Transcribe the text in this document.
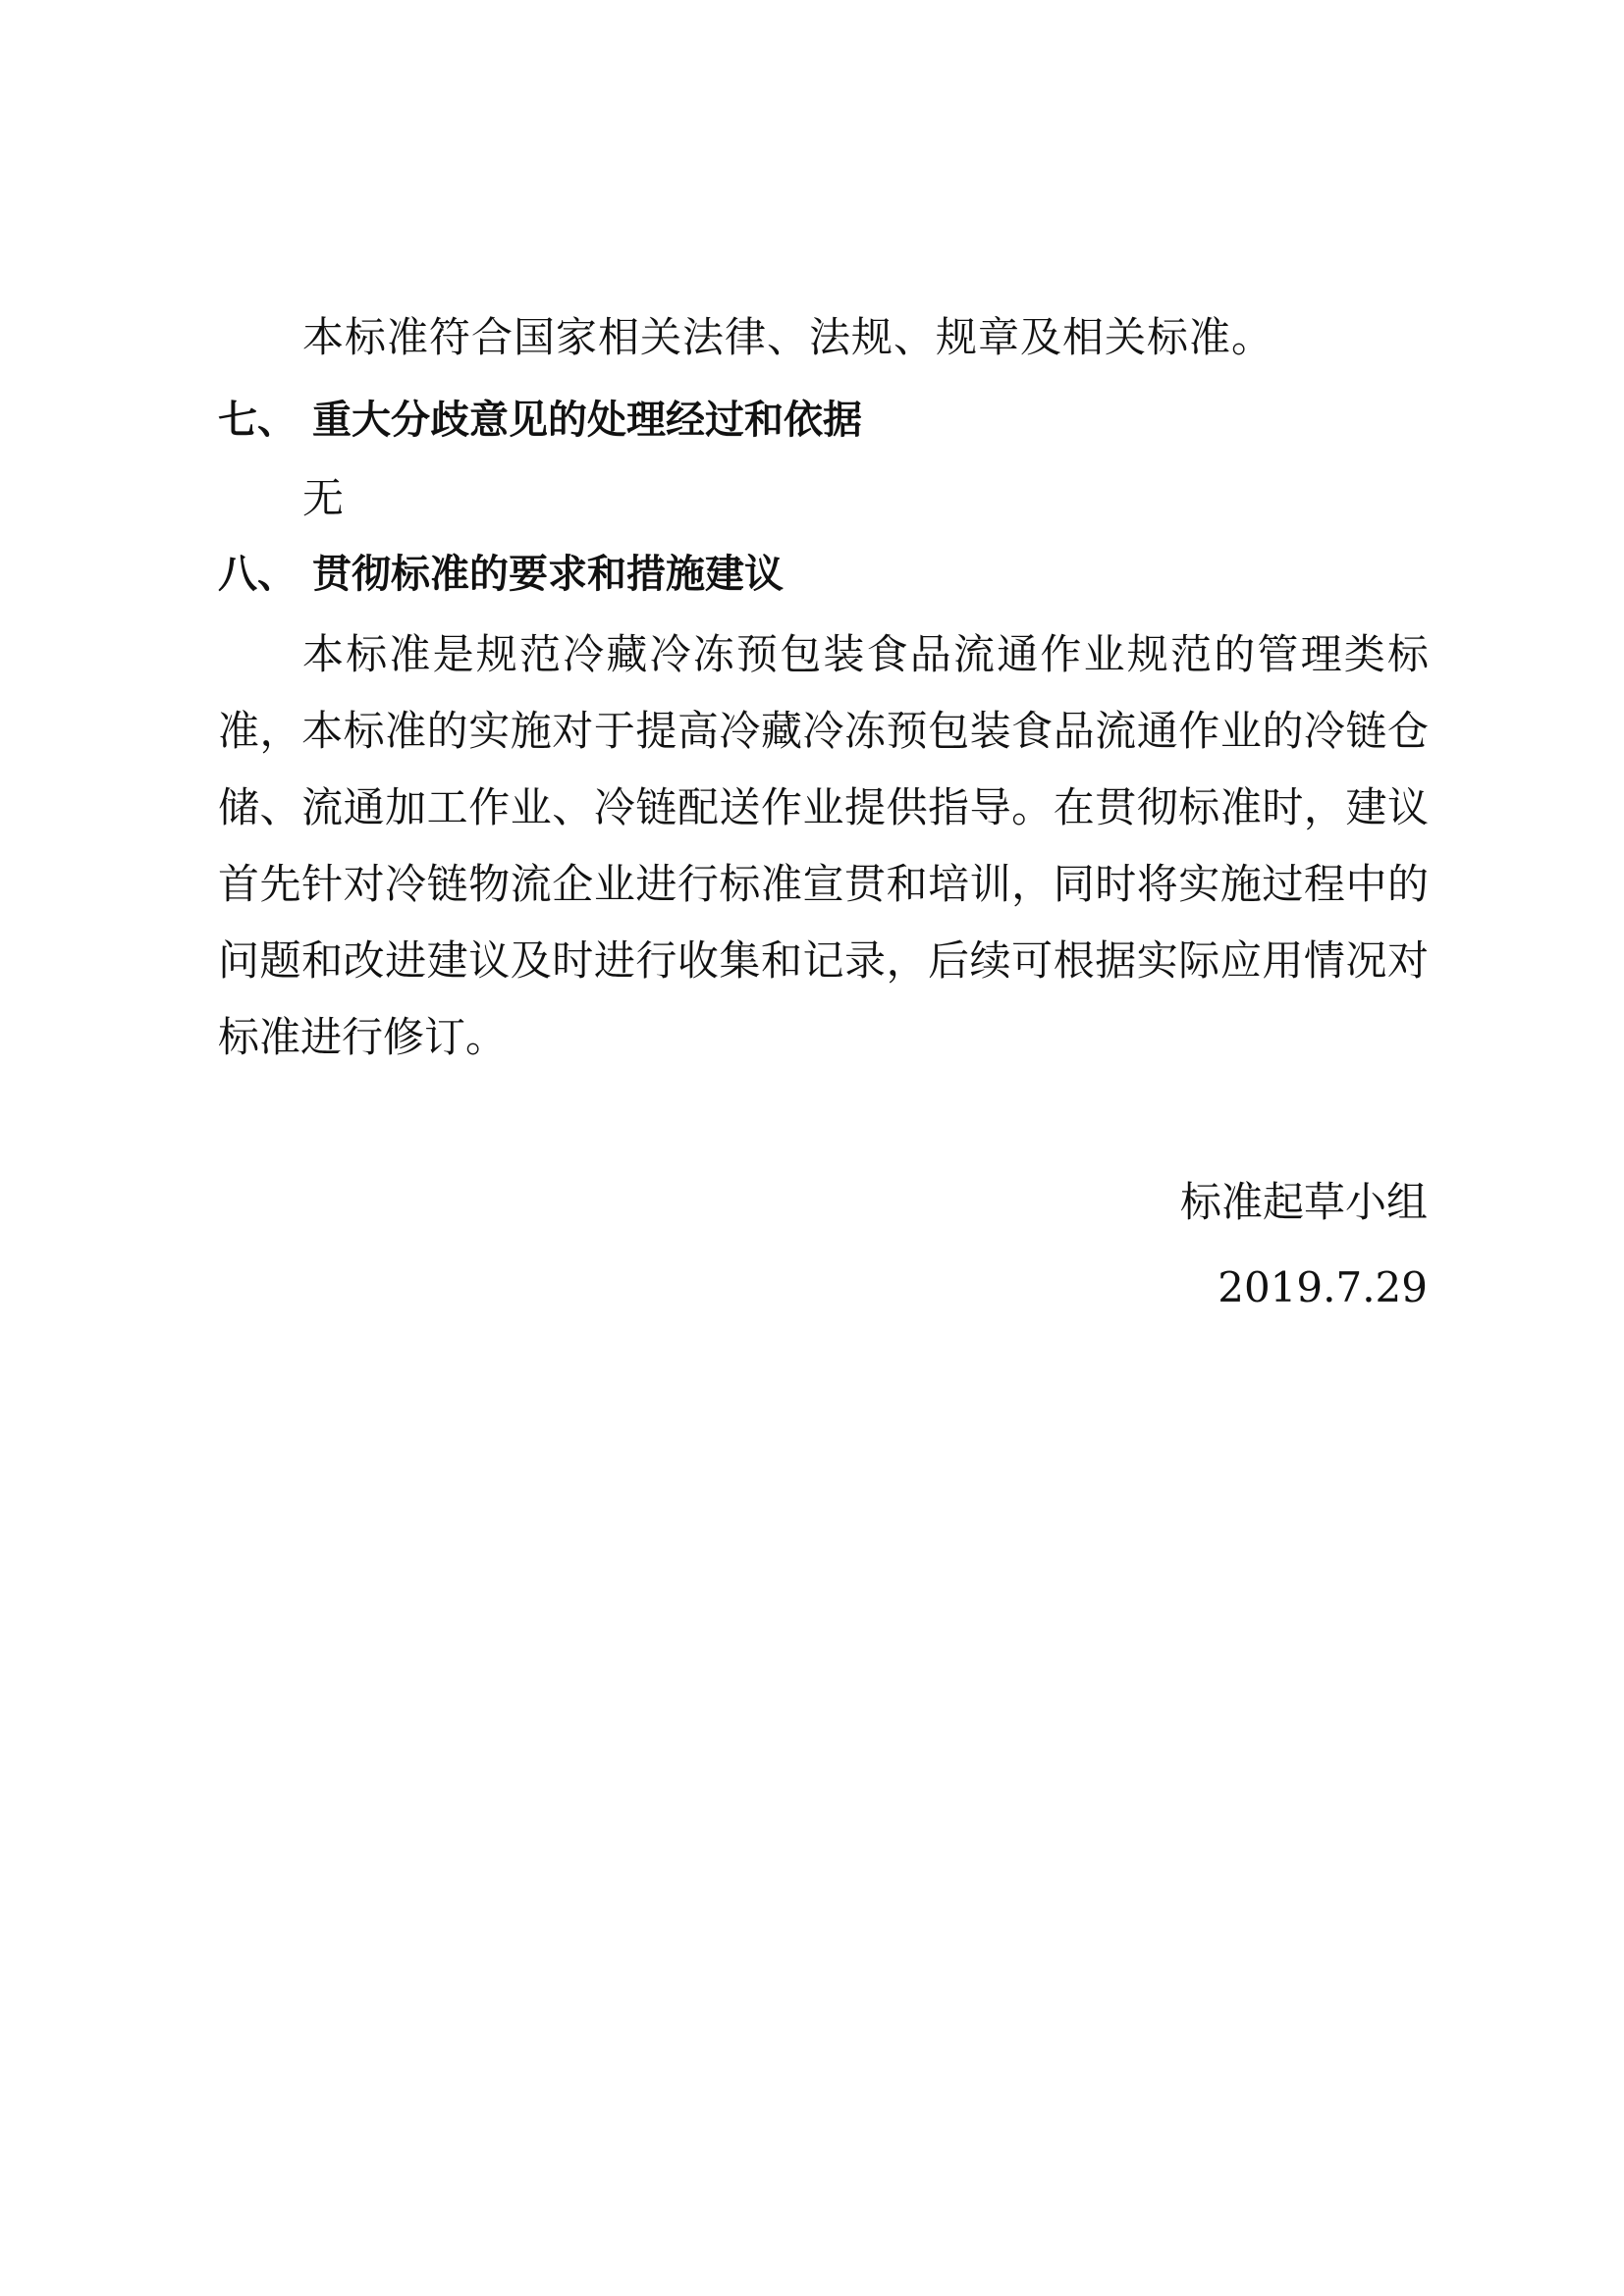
本标准符合国家相关法律、法规、规章及相关标准。
七、 重大分歧意见的处理经过和依据
无
八、 贯彻标准的要求和措施建议

本标准是规范冷藏冷冻预包装食品流通作业规范的管理类标准，本标准的实施对于提高冷藏冷冻预包装食品流通作业的冷链仓储、流通加工作业、冷链配送作业提供指导。在贯彻标准时，建议首先针对冷链物流企业进行标准宣贯和培训，同时将实施过程中的问题和改进建议及时进行收集和记录，后续可根据实际应用情况对标准进行修订。

标准起草小组
2019.7.29
